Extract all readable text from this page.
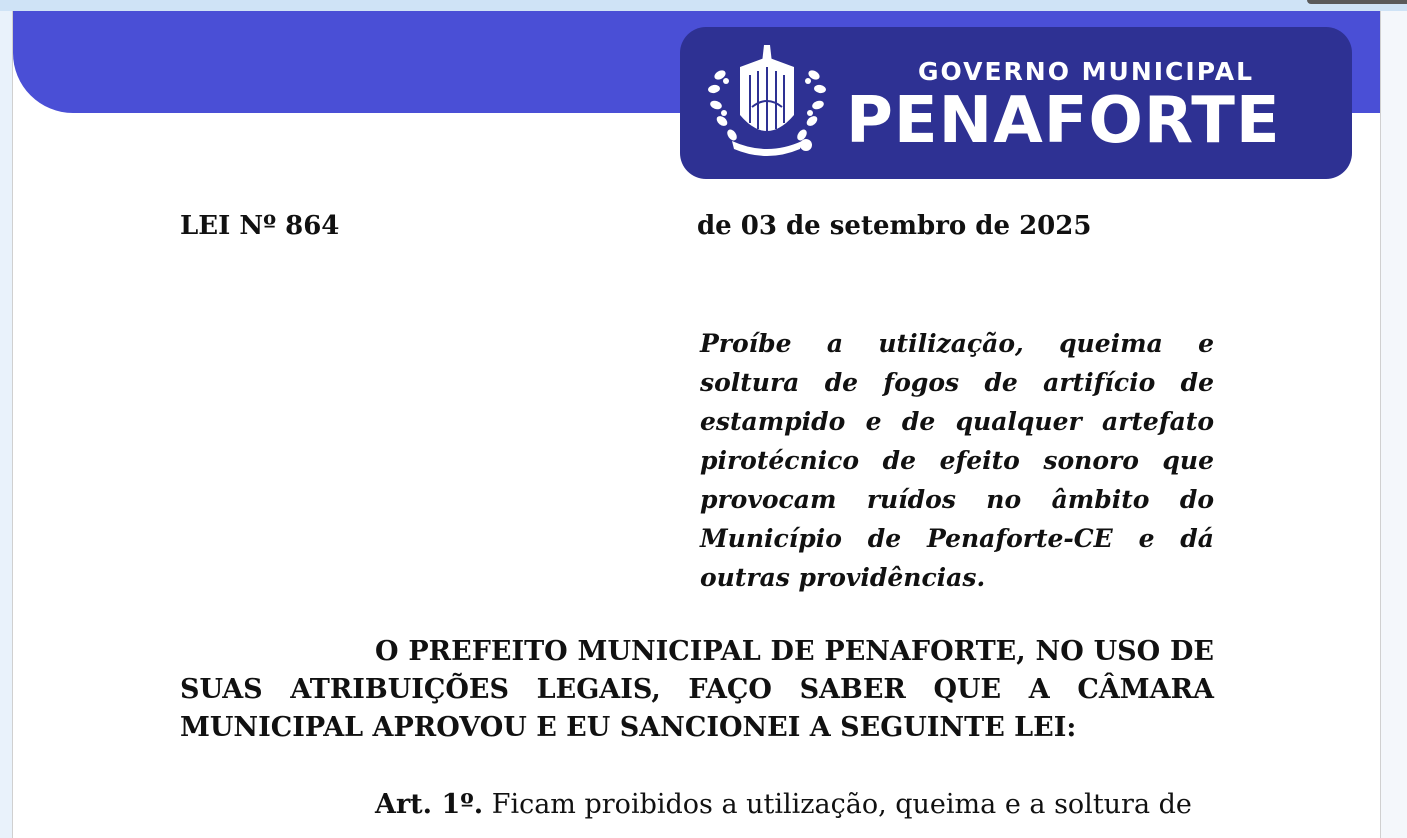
GOVERNO MUNICIPAL
PENAFORTE
LEI Nº 864	de 03 de setembro de 2025
Proíbe a utilização, queima e soltura de fogos de artifício de estampido e de qualquer artefato pirotécnico de efeito sonoro que provocam ruídos no âmbito do Município de Penaforte-CE e dá outras providências.
O PREFEITO MUNICIPAL DE PENAFORTE, NO USO DE SUAS ATRIBUIÇÕES LEGAIS, FAÇO SABER QUE A CÂMARA MUNICIPAL APROVOU E EU SANCIONEI A SEGUINTE LEI:
Art. 1º. Ficam proibidos a utilização, queima e a soltura de
